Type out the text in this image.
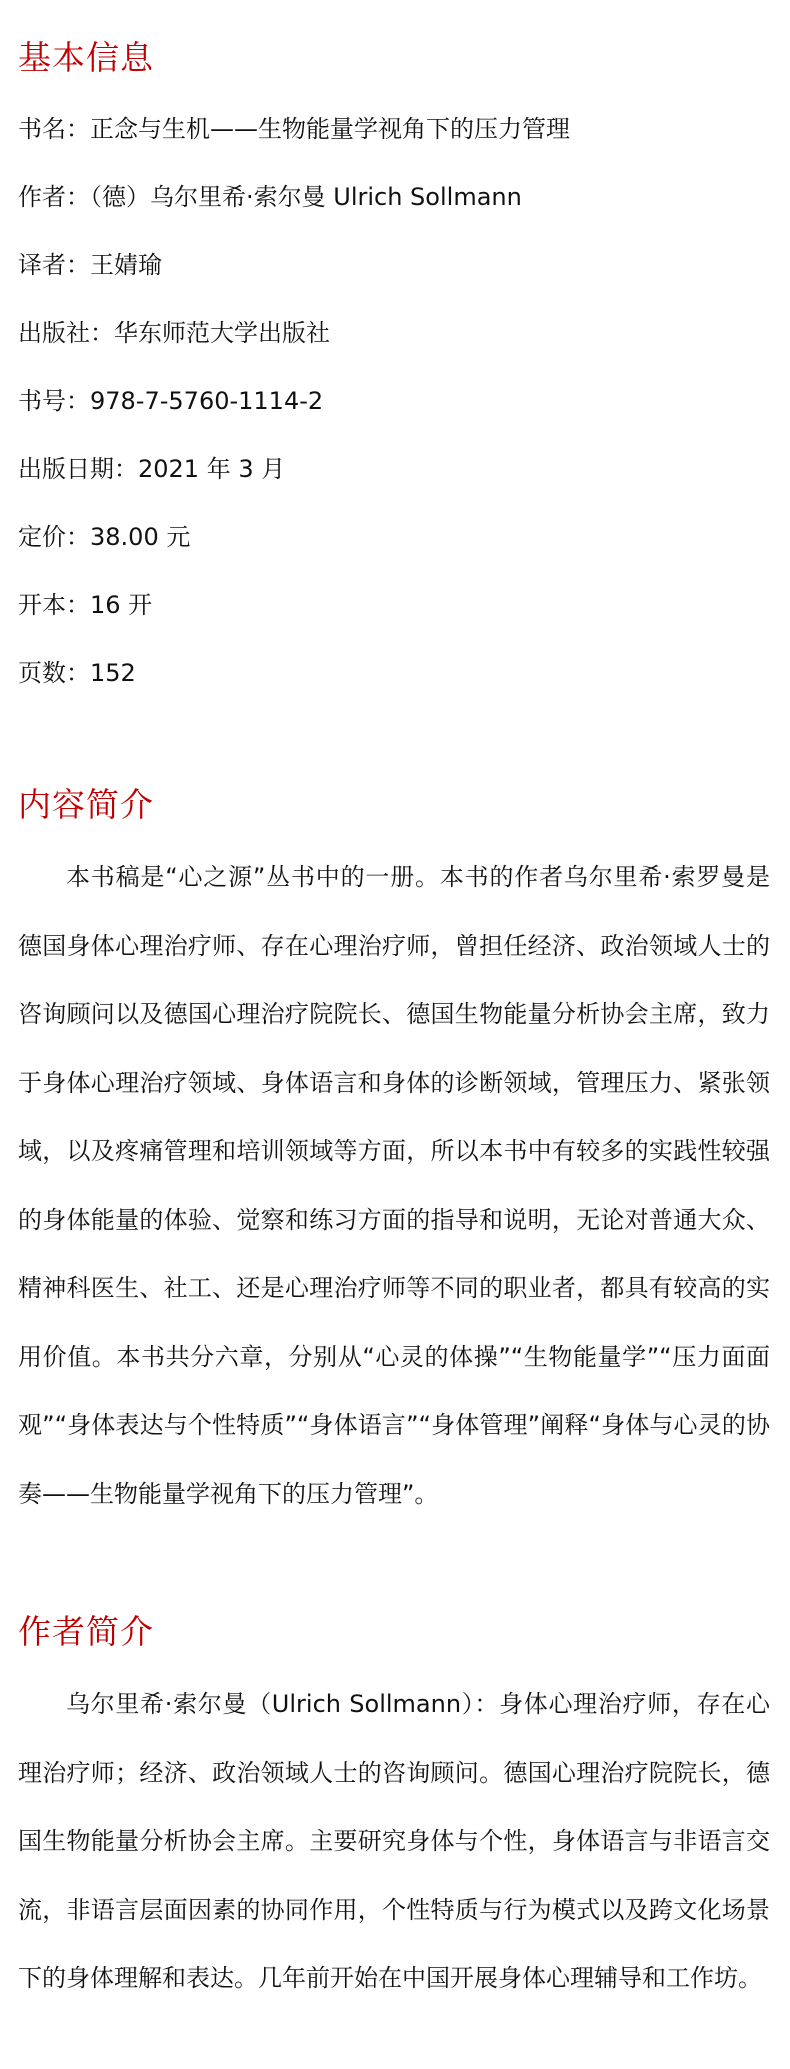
基本信息
书名：正念与生机——生物能量学视角下的压力管理
作者：（德）乌尔里希·索尔曼 Ulrich Sollmann
译者：王婧瑜
出版社：华东师范大学出版社
书号：978-7-5760-1114-2
出版日期：2021 年 3 月
定价：38.00 元
开本：16 开
页数：152
内容简介

本书稿是“心之源”丛书中的一册。本书的作者乌尔里希·索罗曼是德国身体心理治疗师、存在心理治疗师，曾担任经济、政治领域人士的咨询顾问以及德国心理治疗院院长、德国生物能量分析协会主席，致力于身体心理治疗领域、身体语言和身体的诊断领域，管理压力、紧张领域，以及疼痛管理和培训领域等方面，所以本书中有较多的实践性较强的身体能量的体验、觉察和练习方面的指导和说明，无论对普通大众、精神科医生、社工、还是心理治疗师等不同的职业者，都具有较高的实用价值。本书共分六章，分别从“心灵的体操”“生物能量学”“压力面面观”“身体表达与个性特质”“身体语言”“身体管理”阐释“身体与心灵的协奏——生物能量学视角下的压力管理”。

作者简介

乌尔里希·索尔曼（Ulrich Sollmann）：身体心理治疗师，存在心理治疗师；经济、政治领域人士的咨询顾问。德国心理治疗院院长，德国生物能量分析协会主席。主要研究身体与个性，身体语言与非语言交流，非语言层面因素的协同作用，个性特质与行为模式以及跨文化场景下的身体理解和表达。几年前开始在中国开展身体心理辅导和工作坊。
